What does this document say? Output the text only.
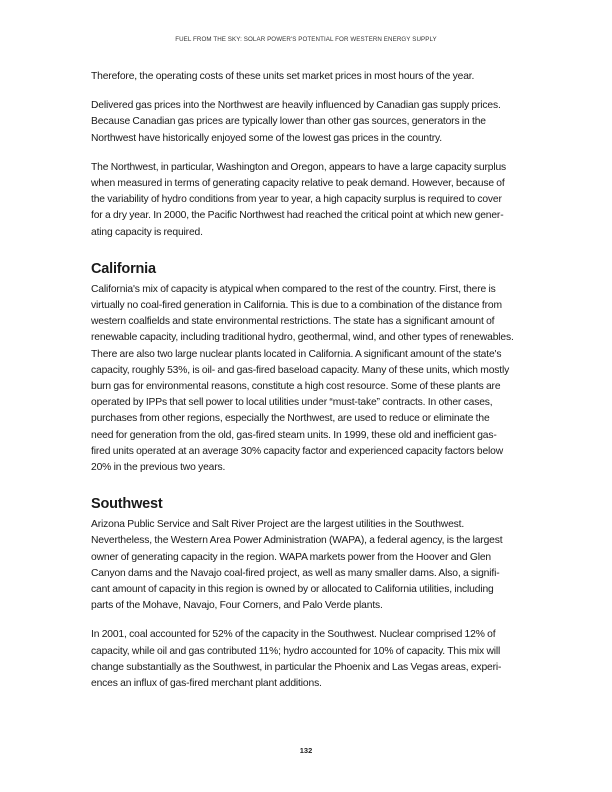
FUEL FROM THE SKY: SOLAR POWER'S POTENTIAL FOR WESTERN ENERGY SUPPLY

Therefore, the operating costs of these units set market prices in most hours of the year.

Delivered gas prices into the Northwest are heavily influenced by Canadian gas supply prices.
Because Canadian gas prices are typically lower than other gas sources, generators in the
Northwest have historically enjoyed some of the lowest gas prices in the country.

The Northwest, in particular, Washington and Oregon, appears to have a large capacity surplus
when measured in terms of generating capacity relative to peak demand. However, because of
the variability of hydro conditions from year to year, a high capacity surplus is required to cover
for a dry year. In 2000, the Pacific Northwest had reached the critical point at which new gener-
ating capacity is required.

California

California's mix of capacity is atypical when compared to the rest of the country. First, there is
virtually no coal-fired generation in California. This is due to a combination of the distance from
western coalfields and state environmental restrictions. The state has a significant amount of
renewable capacity, including traditional hydro, geothermal, wind, and other types of renewables.
There are also two large nuclear plants located in California. A significant amount of the state's
capacity, roughly 53%, is oil- and gas-fired baseload capacity. Many of these units, which mostly
burn gas for environmental reasons, constitute a high cost resource. Some of these plants are
operated by IPPs that sell power to local utilities under “must-take” contracts. In other cases,
purchases from other regions, especially the Northwest, are used to reduce or eliminate the
need for generation from the old, gas-fired steam units. In 1999, these old and inefficient gas-
fired units operated at an average 30% capacity factor and experienced capacity factors below
20% in the previous two years.

Southwest

Arizona Public Service and Salt River Project are the largest utilities in the Southwest.
Nevertheless, the Western Area Power Administration (WAPA), a federal agency, is the largest
owner of generating capacity in the region. WAPA markets power from the Hoover and Glen
Canyon dams and the Navajo coal-fired project, as well as many smaller dams. Also, a signifi-
cant amount of capacity in this region is owned by or allocated to California utilities, including
parts of the Mohave, Navajo, Four Corners, and Palo Verde plants.

In 2001, coal accounted for 52% of the capacity in the Southwest. Nuclear comprised 12% of
capacity, while oil and gas contributed 11%; hydro accounted for 10% of capacity. This mix will
change substantially as the Southwest, in particular the Phoenix and Las Vegas areas, experi-
ences an influx of gas-fired merchant plant additions.

132
